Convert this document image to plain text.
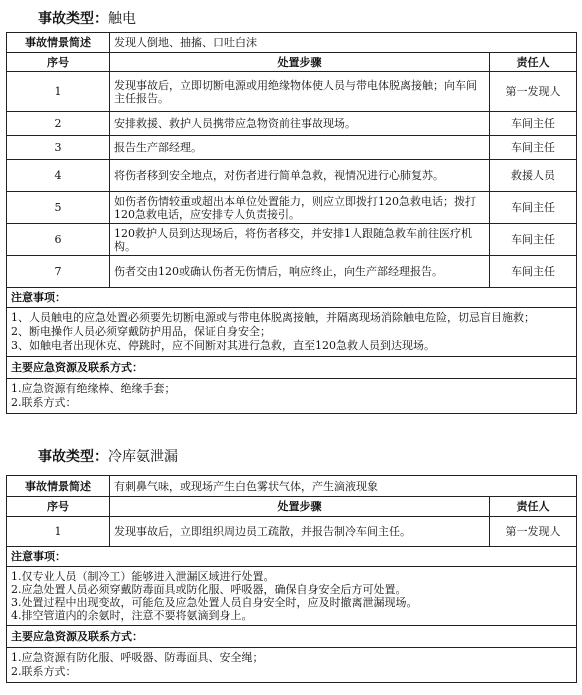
事故类型：触电
事故情景简述	发现人倒地、抽搐、口吐白沫	
序号	处置步骤	责任人
1	发现事故后，立即切断电源或用绝缘物体使人员与带电体脱离接触；向车间主任报告。	第一发现人
2	安排救援、救护人员携带应急物资前往事故现场。	车间主任
3	报告生产部经理。	车间主任
4	将伤者移到安全地点，对伤者进行简单急救，视情况进行心肺复苏。	救援人员
5	如伤者伤情较重或超出本单位处置能力，则应立即拨打120急救电话；拨打120急救电话，应安排专人负责接引。	车间主任
6	120救护人员到达现场后，将伤者移交，并安排1人跟随急救车前往医疗机构。	车间主任
7	伤者交由120或确认伤者无伤情后，响应终止，向生产部经理报告。	车间主任
注意事项：		

1、人员触电的应急处置必须要先切断电源或与带电体脱离接触，并隔离现场消除触电危险，切忌盲目施救；
2、断电操作人员必须穿戴防护用品，保证自身安全；
3、如触电者出现休克、停跳时，应不间断对其进行急救，直至120急救人员到达现场。		

主要应急资源及联系方式：		

1.应急资源有绝缘棒、绝缘手套；
2.联系方式：		
事故类型：冷库氨泄漏
事故情景简述	有刺鼻气味，或现场产生白色雾状气体，产生滴液现象	
序号	处置步骤	责任人
1	发现事故后，立即组织周边员工疏散，并报告制冷车间主任。	第一发现人
注意事项：		

1.仅专业人员（制冷工）能够进入泄漏区域进行处置。
2.应急处置人员必须穿戴防毒面具或防化服、呼吸器，确保自身安全后方可处置。
3.处置过程中出现变故，可能危及应急处置人员自身安全时，应及时撤离泄漏现场。
4.排空管道内的余氨时，注意不要将氨滴到身上。		

主要应急资源及联系方式：		

1.应急资源有防化服、呼吸器、防毒面具、安全绳；
2.联系方式：		
